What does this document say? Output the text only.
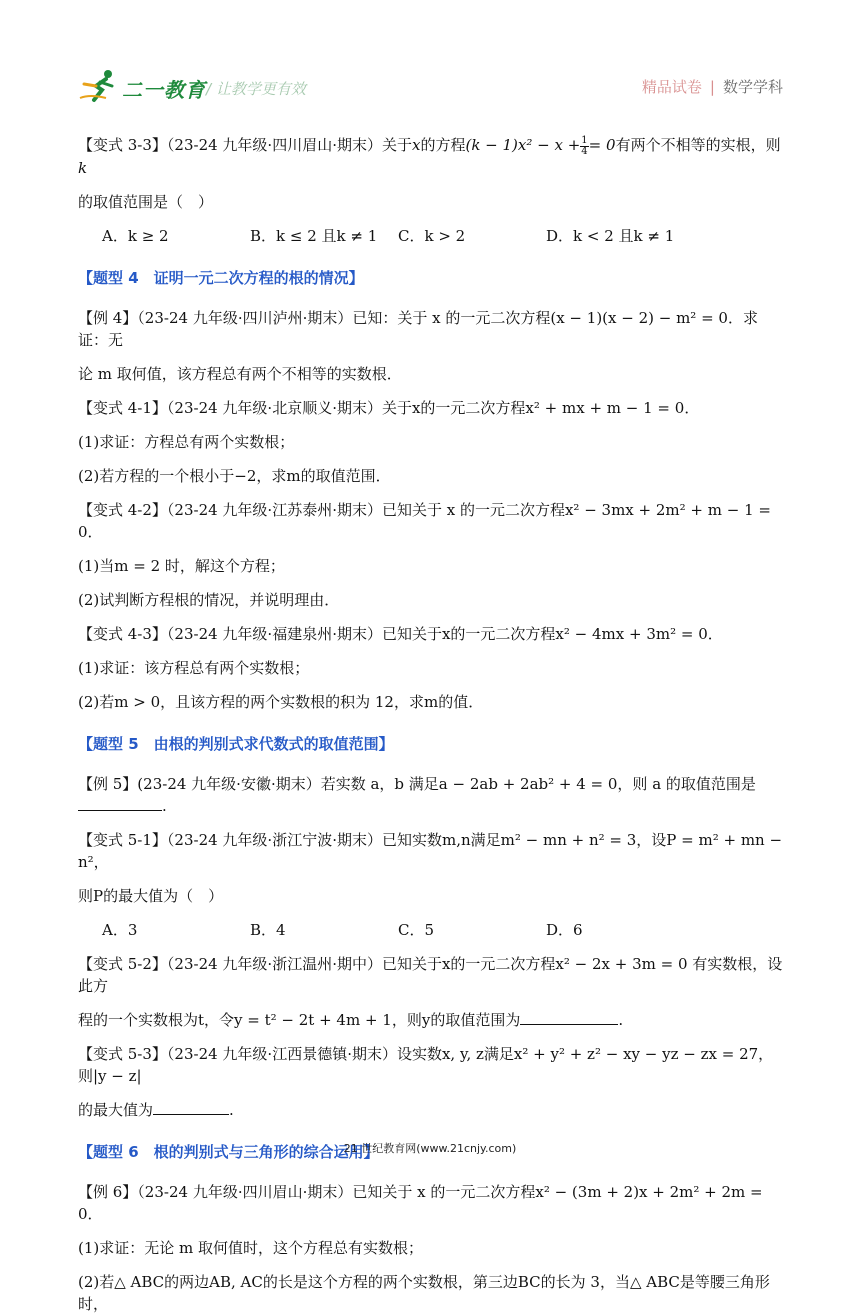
二一教育 / 让教学更有效	精品试卷 | 数学学科

【变式 3-3】（23-24 九年级·四川眉山·期末）关于x的方程$(k - 1)x^2 - x + \frac{1}{4} = 0$有两个不相等的实根，则k

的取值范围是（　）

A．k ≥ 2	B．k ≤ 2 且k ≠ 1	C．k > 2	D．k < 2 且k ≠ 1

【题型 4　证明一元二次方程的根的情况】

【例 4】（23-24 九年级·四川泸州·期末）已知：关于 x 的一元二次方程(x − 1)(x − 2) − m² = 0．求证：无

论 m 取何值，该方程总有两个不相等的实数根．

【变式 4-1】（23-24 九年级·北京顺义·期末）关于x的一元二次方程x² + mx + m − 1 = 0．

(1)求证：方程总有两个实数根；

(2)若方程的一个根小于−2，求m的取值范围．

【变式 4-2】（23-24 九年级·江苏泰州·期末）已知关于 x 的一元二次方程x² − 3mx + 2m² + m − 1 = 0．

(1)当m = 2 时，解这个方程；

(2)试判断方程根的情况，并说明理由．

【变式 4-3】（23-24 九年级·福建泉州·期末）已知关于x的一元二次方程x² − 4mx + 3m² = 0．

(1)求证：该方程总有两个实数根；

(2)若m > 0，且该方程的两个实数根的积为 12，求m的值．

【题型 5　由根的判别式求代数式的取值范围】

【例 5】(23-24 九年级·安徽·期末）若实数 a，b 满足a − 2ab + 2ab² + 4 = 0，则 a 的取值范围是.

【变式 5-1】（23-24 九年级·浙江宁波·期末）已知实数m,n满足m² − mn + n² = 3，设P = m² + mn − n²，

则P的最大值为（　）

A．3	B．4	C．5	D．6

【变式 5-2】（23-24 九年级·浙江温州·期中）已知关于x的一元二次方程x² − 2x + 3m = 0 有实数根，设此方

程的一个实数根为t，令y = t² − 2t + 4m + 1，则y的取值范围为	.

【变式 5-3】（23-24 九年级·江西景德镇·期末）设实数x, y, z满足x² + y² + z² − xy − yz − zx = 27，则|y − z|

的最大值为	.

【题型 6　根的判别式与三角形的综合运用】

【例 6】（23-24 九年级·四川眉山·期末）已知关于 x 的一元二次方程x² − (3m + 2)x + 2m² + 2m = 0．

(1)求证：无论 m 取何值时，这个方程总有实数根；

(2)若△ ABC的两边AB, AC的长是这个方程的两个实数根，第三边BC的长为 3，当△ ABC是等腰三角形时，

21 世纪教育网(www.21cnjy.com)
